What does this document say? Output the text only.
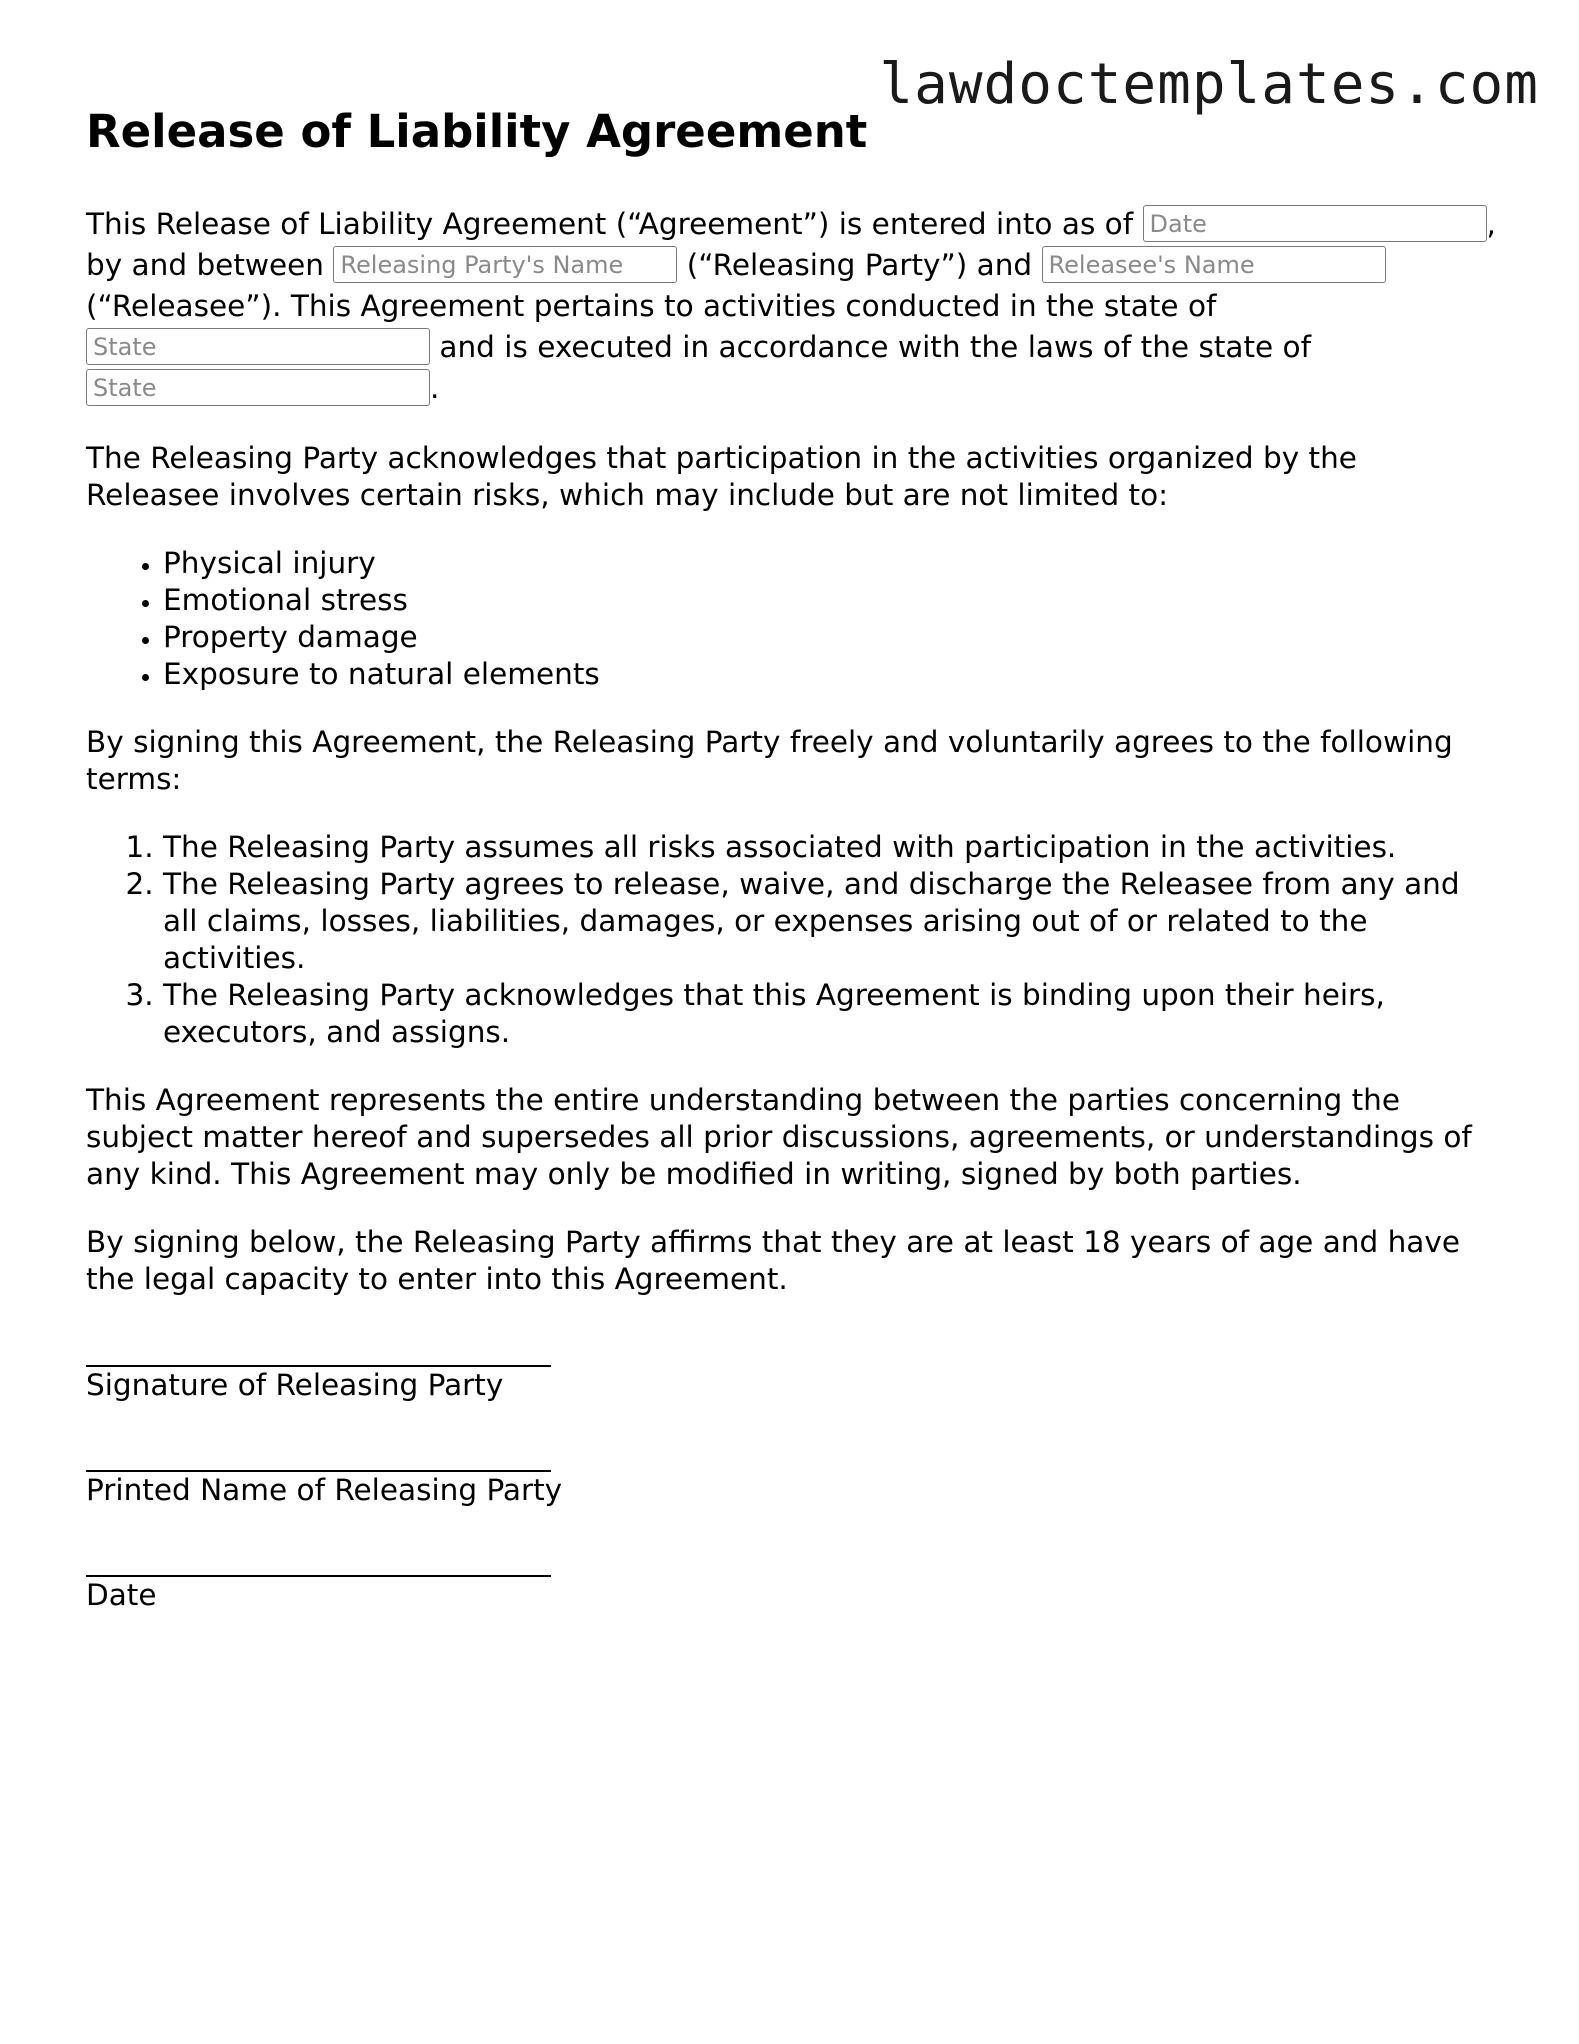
lawdoctemplates.com
Release of Liability Agreement

This Release of Liability Agreement (“Agreement”) is entered into as of Date	, by and between Releasing Party's Name	(“Releasing Party”) and Releasee's Name (“Releasee”). This Agreement pertains to activities conducted in the state of State and is executed in accordance with the laws of the state of State.

The Releasing Party acknowledges that participation in the activities organized by the Releasee involves certain risks, which may include but are not limited to:

• Physical injury
• Emotional stress
• Property damage
• Exposure to natural elements

By signing this Agreement, the Releasing Party freely and voluntarily agrees to the following terms:

1. The Releasing Party assumes all risks associated with participation in the activities.
2. The Releasing Party agrees to release, waive, and discharge the Releasee from any and all claims, losses, liabilities, damages, or expenses arising out of or related to the activities.
3. The Releasing Party acknowledges that this Agreement is binding upon their heirs, executors, and assigns.

This Agreement represents the entire understanding between the parties concerning the subject matter hereof and supersedes all prior discussions, agreements, or understandings of any kind. This Agreement may only be modified in writing, signed by both parties.

By signing below, the Releasing Party affirms that they are at least 18 years of age and have the legal capacity to enter into this Agreement.

Signature of Releasing Party
Printed Name of Releasing Party
Date
